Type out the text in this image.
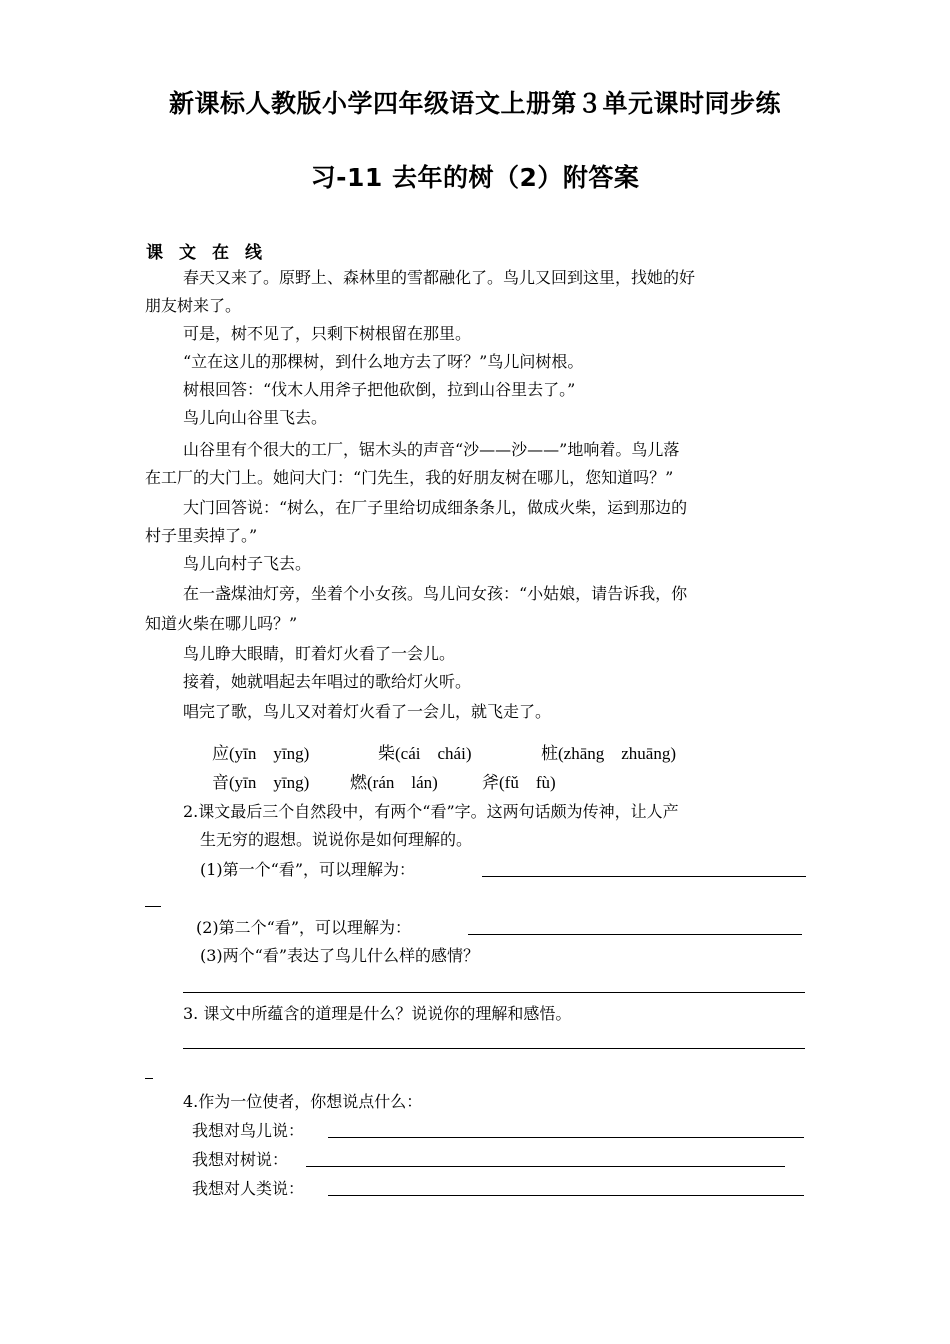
新课标人教版小学四年级语文上册第３单元课时同步练
习-11 去年的树（2）附答案
课文在线
春天又来了。原野上、森林里的雪都融化了。鸟儿又回到这里，找她的好
朋友树来了。
可是，树不见了，只剩下树根留在那里。
“立在这儿的那棵树，到什么地方去了呀？”鸟儿问树根。
树根回答：“伐木人用斧子把他砍倒，拉到山谷里去了。”
鸟儿向山谷里飞去。
山谷里有个很大的工厂，锯木头的声音“沙——沙——”地响着。鸟儿落
在工厂的大门上。她问大门：“门先生，我的好朋友树在哪儿，您知道吗？”
大门回答说：“树么，在厂子里给切成细条条儿，做成火柴，运到那边的
村子里卖掉了。”
鸟儿向村子飞去。
在一盏煤油灯旁，坐着个小女孩。鸟儿问女孩：“小姑娘，请告诉我，你
知道火柴在哪儿吗？”
鸟儿睁大眼睛，盯着灯火看了一会儿。
接着，她就唱起去年唱过的歌给灯火听。
唱完了歌，鸟儿又对着灯火看了一会儿，就飞走了。
应(yīn yīng)	柴(cái chái)	桩(zhāng zhuāng)
音(yīn yīng) 燃(rán lán)	斧(fǔ fù)
2.课文最后三个自然段中，有两个“看”字。这两句话颇为传神，让人产
生无穷的遐想。说说你是如何理解的。
(1)第一个“看”，可以理解为：
(2)第二个“看”，可以理解为：
(3)两个“看”表达了鸟儿什么样的感情？
3. 课文中所蕴含的道理是什么？说说你的理解和感悟。
4.作为一位使者，你想说点什么：
我想对鸟儿说：
我想对树说：
我想对人类说：
